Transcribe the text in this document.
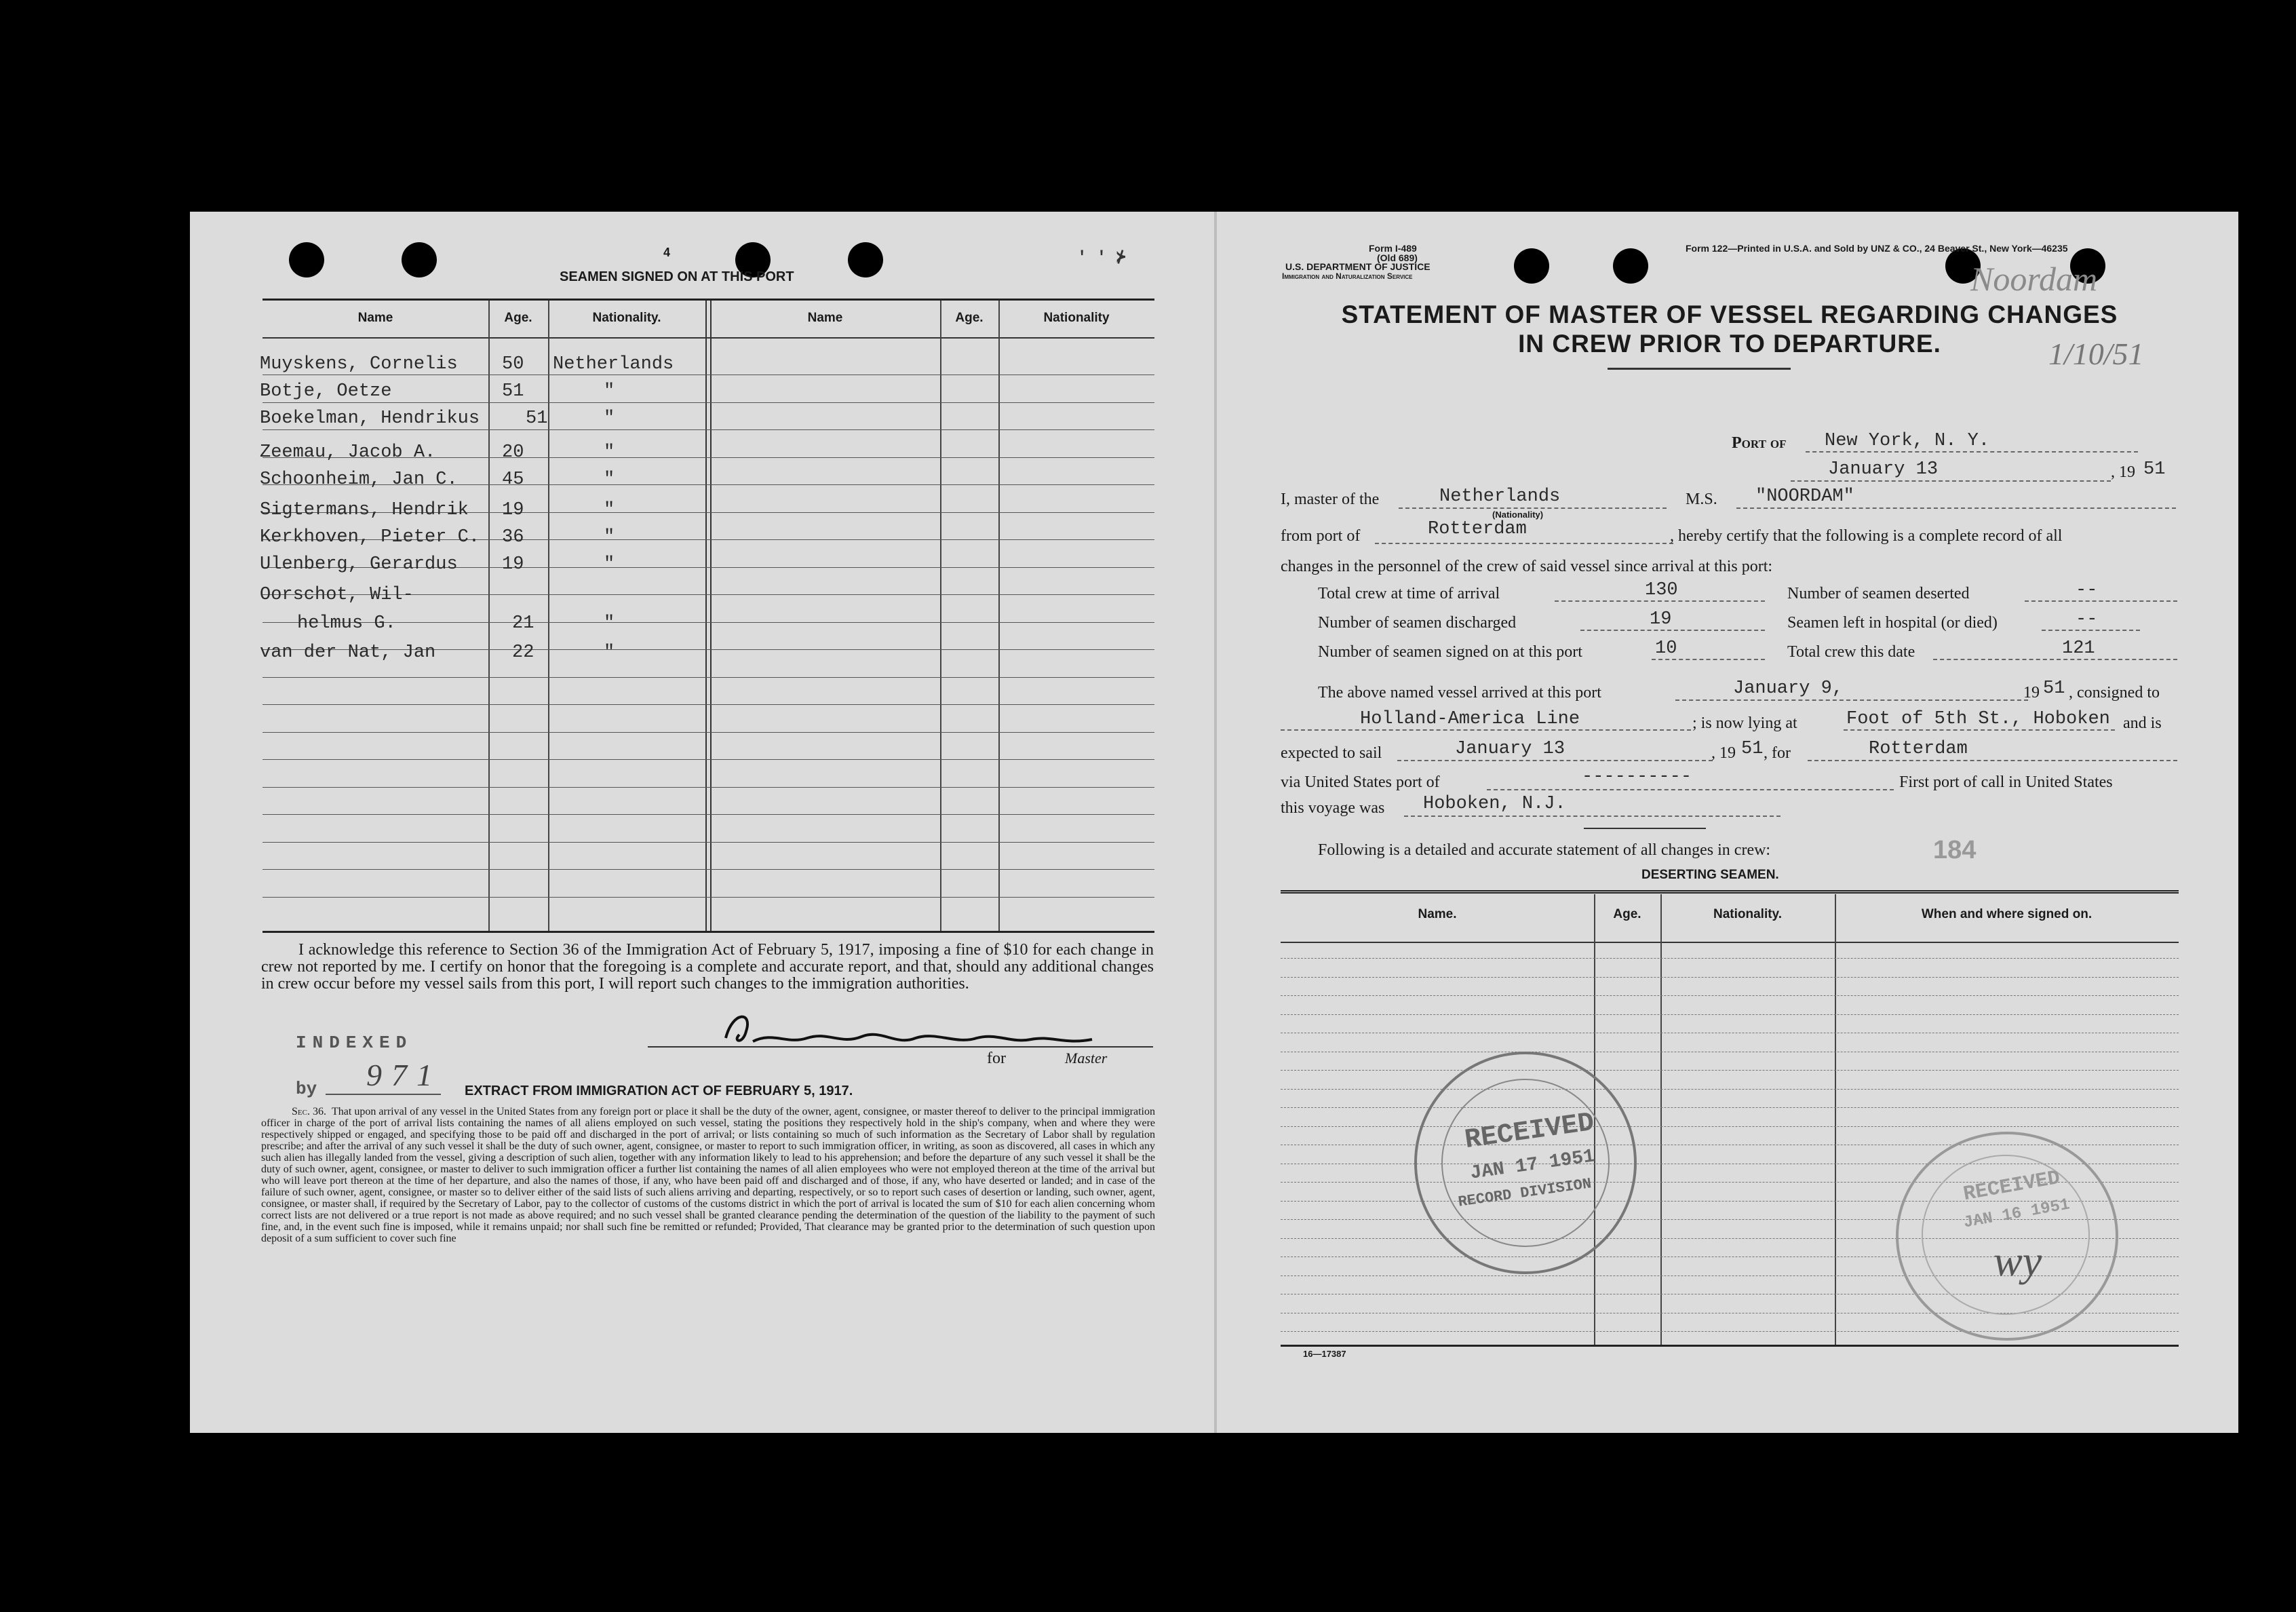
4	' ' ⊁
SEAMEN SIGNED ON AT THIS PORT
Name	Age.	Nationality.	Name	Age.	Nationality
Muyskens, Cornelis 50 Netherlands
Botje, Oetze	51	"
Boekelman, Hendrikus	51	"
Zeemau, Jacob A.	20	"
Schoonheim, Jan C. 45	"
Sigtermans, Hendrik 19	"
Kerkhoven, Pieter C. 36	"
Ulenberg, Gerardus 19	"
Oorschot, Wil-
helmus G.	21	"
van der Nat, Jan	22	"
I acknowledge this reference to Section 36 of the Immigration Act of February 5, 1917, imposing a fine of $10 for each change in crew not reported by me. I certify on honor that the foregoing is a complete and accurate report, and that, should any additional changes in crew occur before my vessel sails from this port, I will report such changes to the immigration authorities.
for	Master
INDEXED
by 971 EXTRACT FROM IMMIGRATION ACT OF FEBRUARY 5, 1917.
Sec. 36. That upon arrival of any vessel in the United States from any foreign port or place it shall be the duty of the owner, agent, consignee, or master thereof to deliver to the principal immigration officer in charge of the port of arrival lists containing the names of all aliens employed on such vessel, stating the positions they respectively hold in the ship's company, when and where they were respectively shipped or engaged, and specifying those to be paid off and discharged in the port of arrival; or lists containing so much of such information as the Secretary of Labor shall by regulation prescribe; and after the arrival of any such vessel it shall be the duty of such owner, agent, consignee, or master to report to such immigration officer, in writing, as soon as discovered, all cases in which any such alien has illegally landed from the vessel, giving a description of such alien, together with any information likely to lead to his apprehension; and before the departure of any such vessel it shall be the duty of such owner, agent, consignee, or master to deliver to such immigration officer a further list containing the names of all alien employees who were not employed thereon at the time of the arrival but who will leave port thereon at the time of her departure, and also the names of those, if any, who have been paid off and discharged and of those, if any, who have deserted or landed; and in case of the failure of such owner, agent, consignee, or master so to deliver either of the said lists of such aliens arriving and departing, respectively, or so to report such cases of desertion or landing, such owner, agent, consignee, or master shall, if required by the Secretary of Labor, pay to the collector of customs of the customs district in which the port of arrival is located the sum of $10 for each alien concerning whom correct lists are not delivered or a true report is not made as above required; and no such vessel shall be granted clearance pending the determination of the question of the liability to the payment of such fine, and, in the event such fine is imposed, while it remains unpaid; nor shall such fine be remitted or refunded; Provided, That clearance may be granted prior to the determination of such question upon deposit of a sum sufficient to cover such fine
Form I-489
(Old 689)
U.S. DEPARTMENT OF JUSTICE
Immigration and Naturalization Service
Form 122—Printed in U.S.A. and Sold by UNZ & CO., 24 Beaver St., New York—46235
Noordam
1/10/51
STATEMENT OF MASTER OF VESSEL REGARDING CHANGES
IN CREW PRIOR TO DEPARTURE.
Port of New York, N. Y.
January 13	, 19 51
I, master of the	Netherlands
(Nationality)
M.S. "NOORDAM"
from port of	Rotterdam	, hereby certify that the following is a complete record of all
changes in the personnel of the crew of said vessel since arrival at this port:
Total crew at time of arrival	130	Number of seamen deserted	--
Number of seamen discharged	19	Seamen left in hospital (or died)	--
Number of seamen signed on at this port	10	Total crew this date	121
The above named vessel arrived at this port	January 9,	19 51 , consigned to
Holland-America Line	; is now lying at	Foot of 5th St., Hoboken and is
expected to sail	January 13	, 19 51 , for	Rotterdam
via United States port of	----------	First port of call in United States
this voyage was Hoboken, N.J.
Following is a detailed and accurate statement of all changes in crew:	184
DESERTING SEAMEN.
Name.	Age.	Nationality.	When and where signed on.
RECEIVED
JAN 17 1951
RECORD DIVISION	RECEIVED
JAN 16 1951
wy
16—17387
